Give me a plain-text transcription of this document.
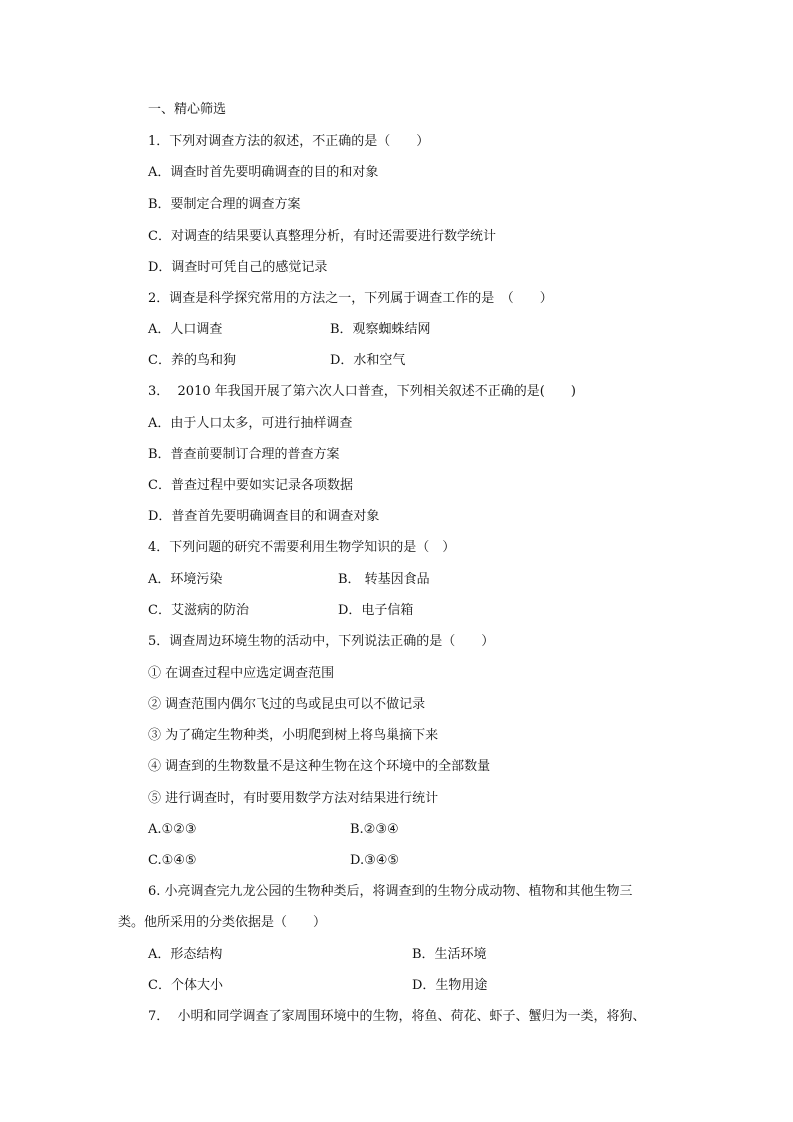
一、精心筛选
1．下列对调查方法的叙述，不正确的是（　　）
A．调查时首先要明确调查的目的和对象
B．要制定合理的调查方案
C．对调查的结果要认真整理分析，有时还需要进行数学统计
D．调查时可凭自己的感觉记录
2．调查是科学探究常用的方法之一，下列属于调查工作的是　（　　）
A．人口调查	B．观察蜘蛛结网
C．养的鸟和狗	D．水和空气
3．  2010 年我国开展了第六次人口普查，下列相关叙述不正确的是(　　)
A．由于人口太多，可进行抽样调查
B．普查前要制订合理的普查方案
C．普查过程中要如实记录各项数据
D．普查首先要明确调查目的和调查对象
4．下列问题的研究不需要利用生物学知识的是（　）
A．环境污染	B． 转基因食品
C．艾滋病的防治	D．电子信箱
5．调查周边环境生物的活动中，下列说法正确的是（　　）
① 在调查过程中应选定调查范围
② 调查范围内偶尔飞过的鸟或昆虫可以不做记录
③ 为了确定生物种类，小明爬到树上将鸟巢摘下来
④ 调查到的生物数量不是这种生物在这个环境中的全部数量
⑤ 进行调查时，有时要用数学方法对结果进行统计
A.①②③	B.②③④
C.①④⑤	D.③④⑤
6. 小亮调查完九龙公园的生物种类后，将调查到的生物分成动物、植物和其他生物三
类。他所采用的分类依据是（　　）
A．形态结构	B．生活环境
C．个体大小	D．生物用途
7．  小明和同学调查了家周围环境中的生物，将鱼、荷花、虾子、蟹归为一类，将狗、
